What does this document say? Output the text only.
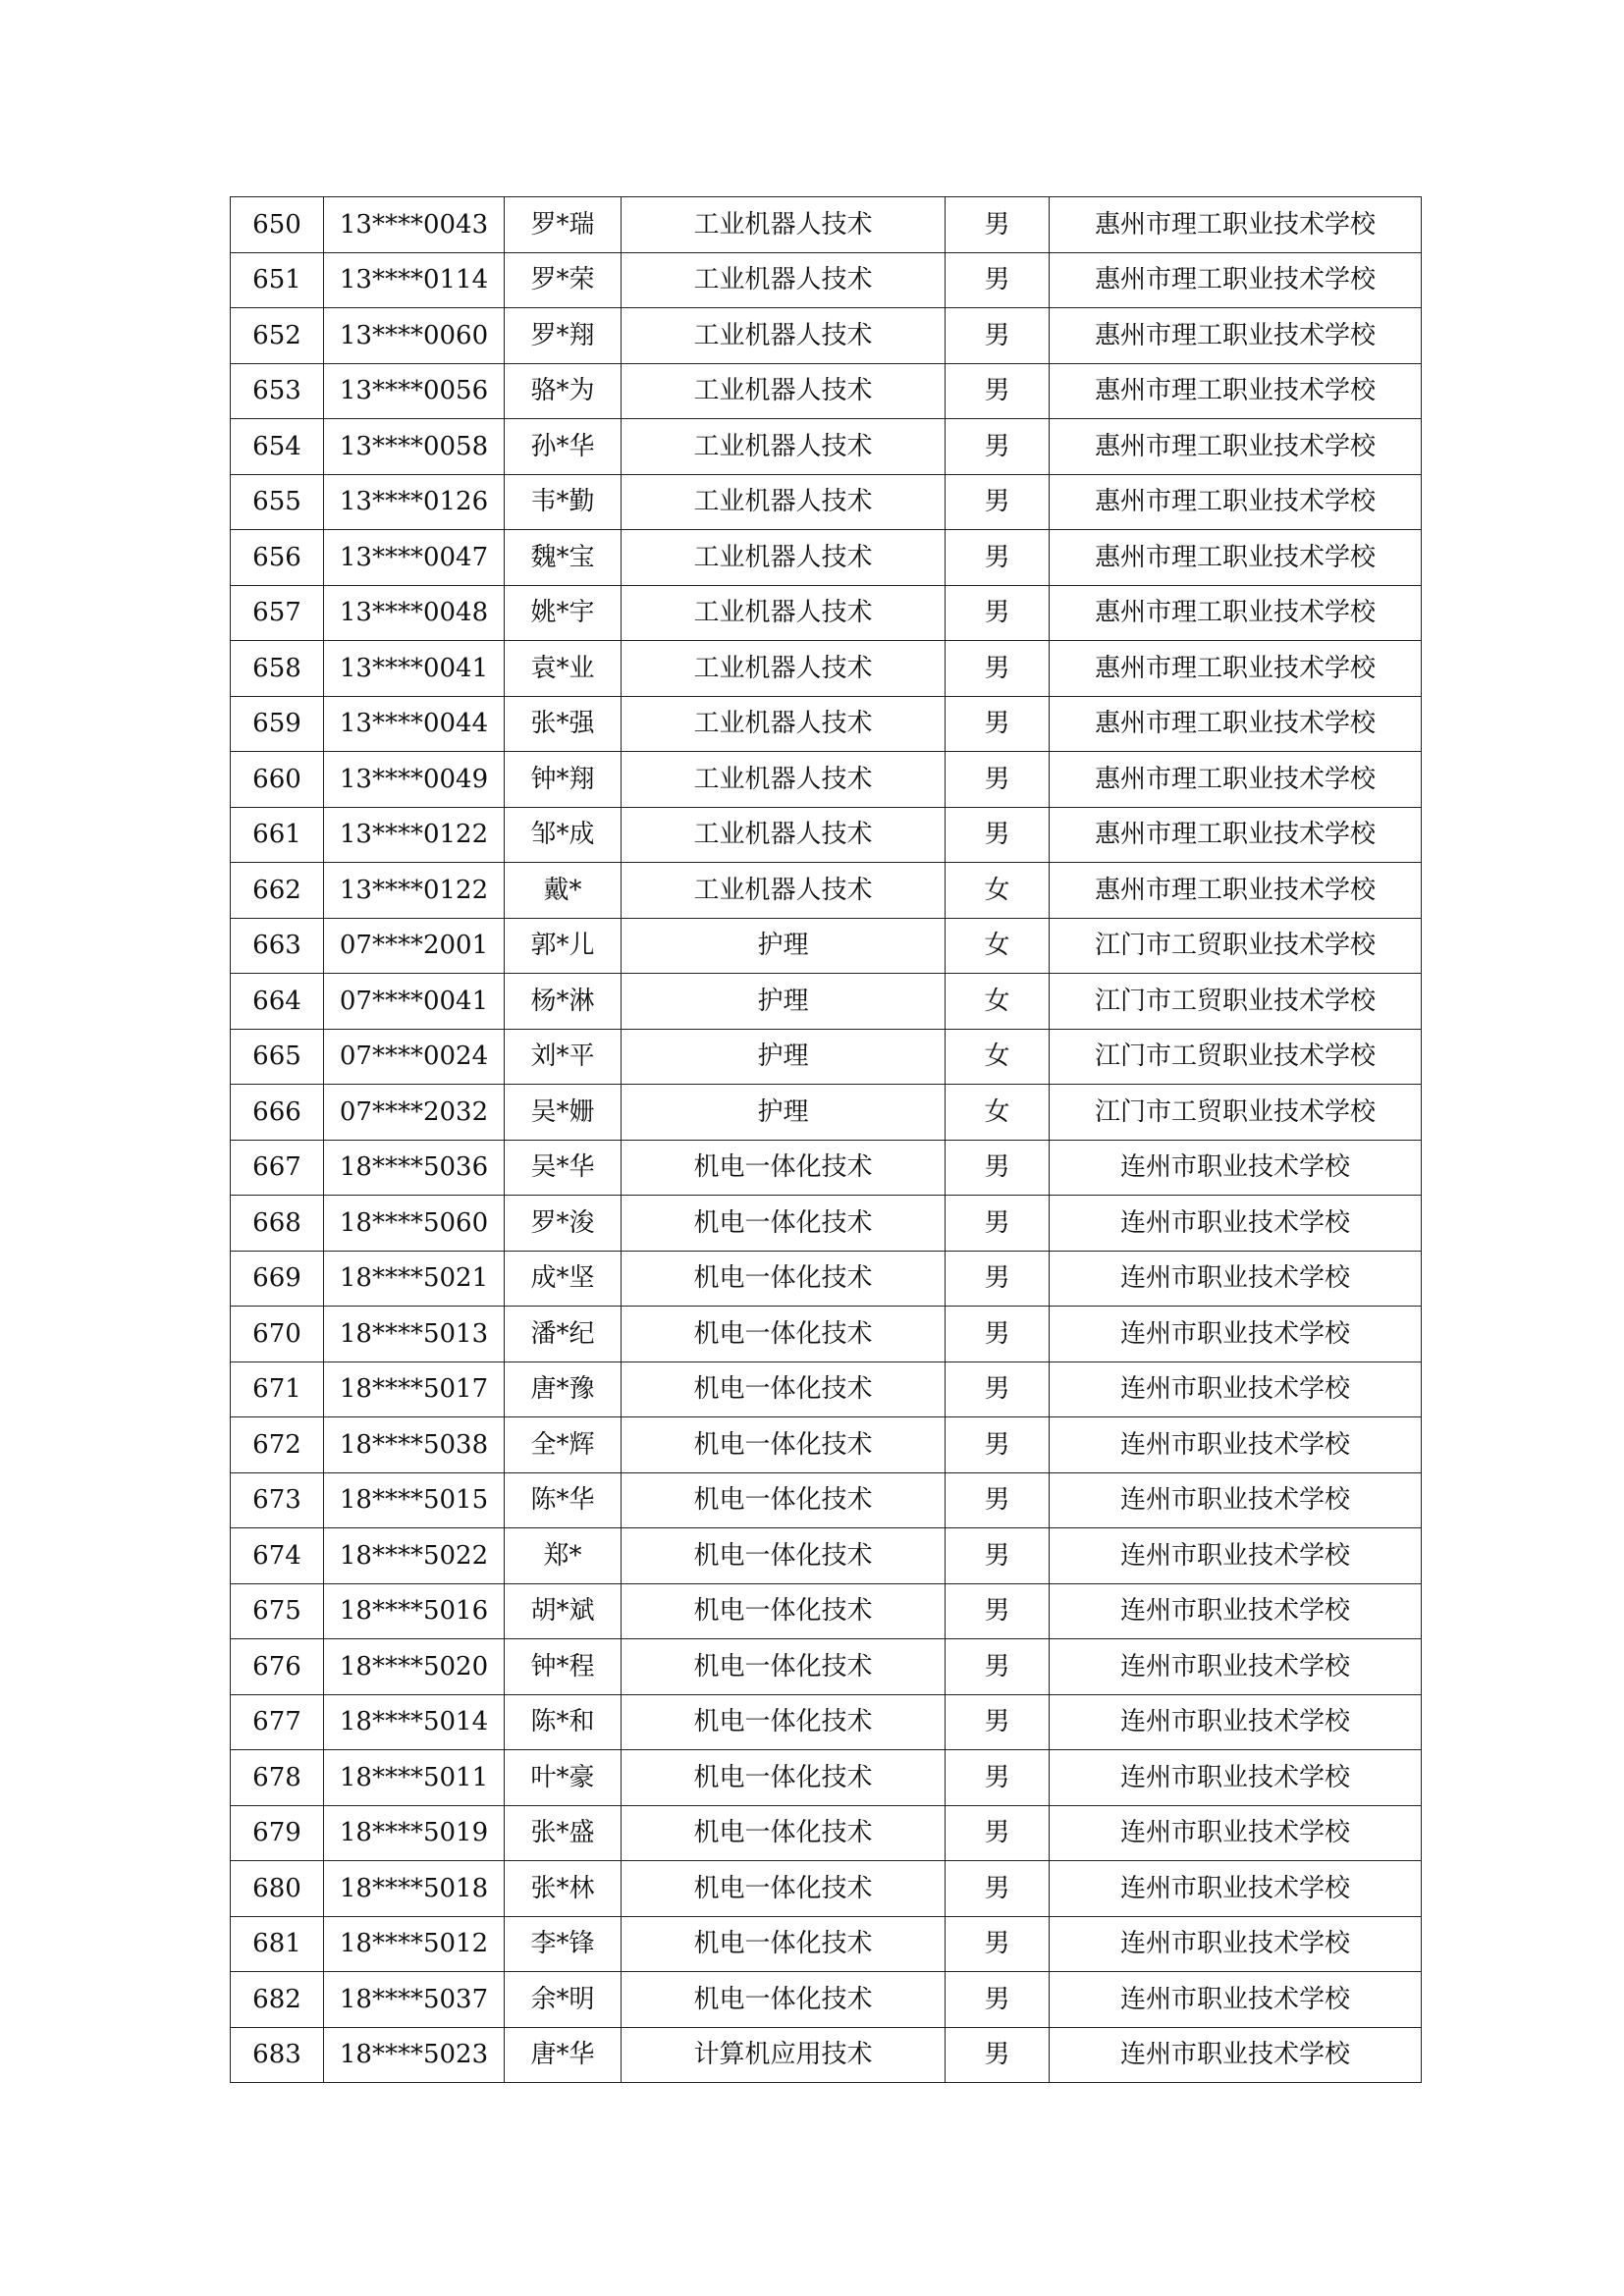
650	13****0043	罗*瑞	工业机器人技术	男	惠州市理工职业技术学校
651	13****0114	罗*荣	工业机器人技术	男	惠州市理工职业技术学校
652	13****0060	罗*翔	工业机器人技术	男	惠州市理工职业技术学校
653	13****0056	骆*为	工业机器人技术	男	惠州市理工职业技术学校
654	13****0058	孙*华	工业机器人技术	男	惠州市理工职业技术学校
655	13****0126	韦*勤	工业机器人技术	男	惠州市理工职业技术学校
656	13****0047	魏*宝	工业机器人技术	男	惠州市理工职业技术学校
657	13****0048	姚*宇	工业机器人技术	男	惠州市理工职业技术学校
658	13****0041	袁*业	工业机器人技术	男	惠州市理工职业技术学校
659	13****0044	张*强	工业机器人技术	男	惠州市理工职业技术学校
660	13****0049	钟*翔	工业机器人技术	男	惠州市理工职业技术学校
661	13****0122	邹*成	工业机器人技术	男	惠州市理工职业技术学校
662	13****0122	戴*	工业机器人技术	女	惠州市理工职业技术学校
663	07****2001	郭*儿	护理	女	江门市工贸职业技术学校
664	07****0041	杨*淋	护理	女	江门市工贸职业技术学校
665	07****0024	刘*平	护理	女	江门市工贸职业技术学校
666	07****2032	吴*姗	护理	女	江门市工贸职业技术学校
667	18****5036	吴*华	机电一体化技术	男	连州市职业技术学校
668	18****5060	罗*浚	机电一体化技术	男	连州市职业技术学校
669	18****5021	成*坚	机电一体化技术	男	连州市职业技术学校
670	18****5013	潘*纪	机电一体化技术	男	连州市职业技术学校
671	18****5017	唐*豫	机电一体化技术	男	连州市职业技术学校
672	18****5038	全*辉	机电一体化技术	男	连州市职业技术学校
673	18****5015	陈*华	机电一体化技术	男	连州市职业技术学校
674	18****5022	郑*	机电一体化技术	男	连州市职业技术学校
675	18****5016	胡*斌	机电一体化技术	男	连州市职业技术学校
676	18****5020	钟*程	机电一体化技术	男	连州市职业技术学校
677	18****5014	陈*和	机电一体化技术	男	连州市职业技术学校
678	18****5011	叶*豪	机电一体化技术	男	连州市职业技术学校
679	18****5019	张*盛	机电一体化技术	男	连州市职业技术学校
680	18****5018	张*林	机电一体化技术	男	连州市职业技术学校
681	18****5012	李*锋	机电一体化技术	男	连州市职业技术学校
682	18****5037	余*明	机电一体化技术	男	连州市职业技术学校
683	18****5023	唐*华	计算机应用技术	男	连州市职业技术学校
